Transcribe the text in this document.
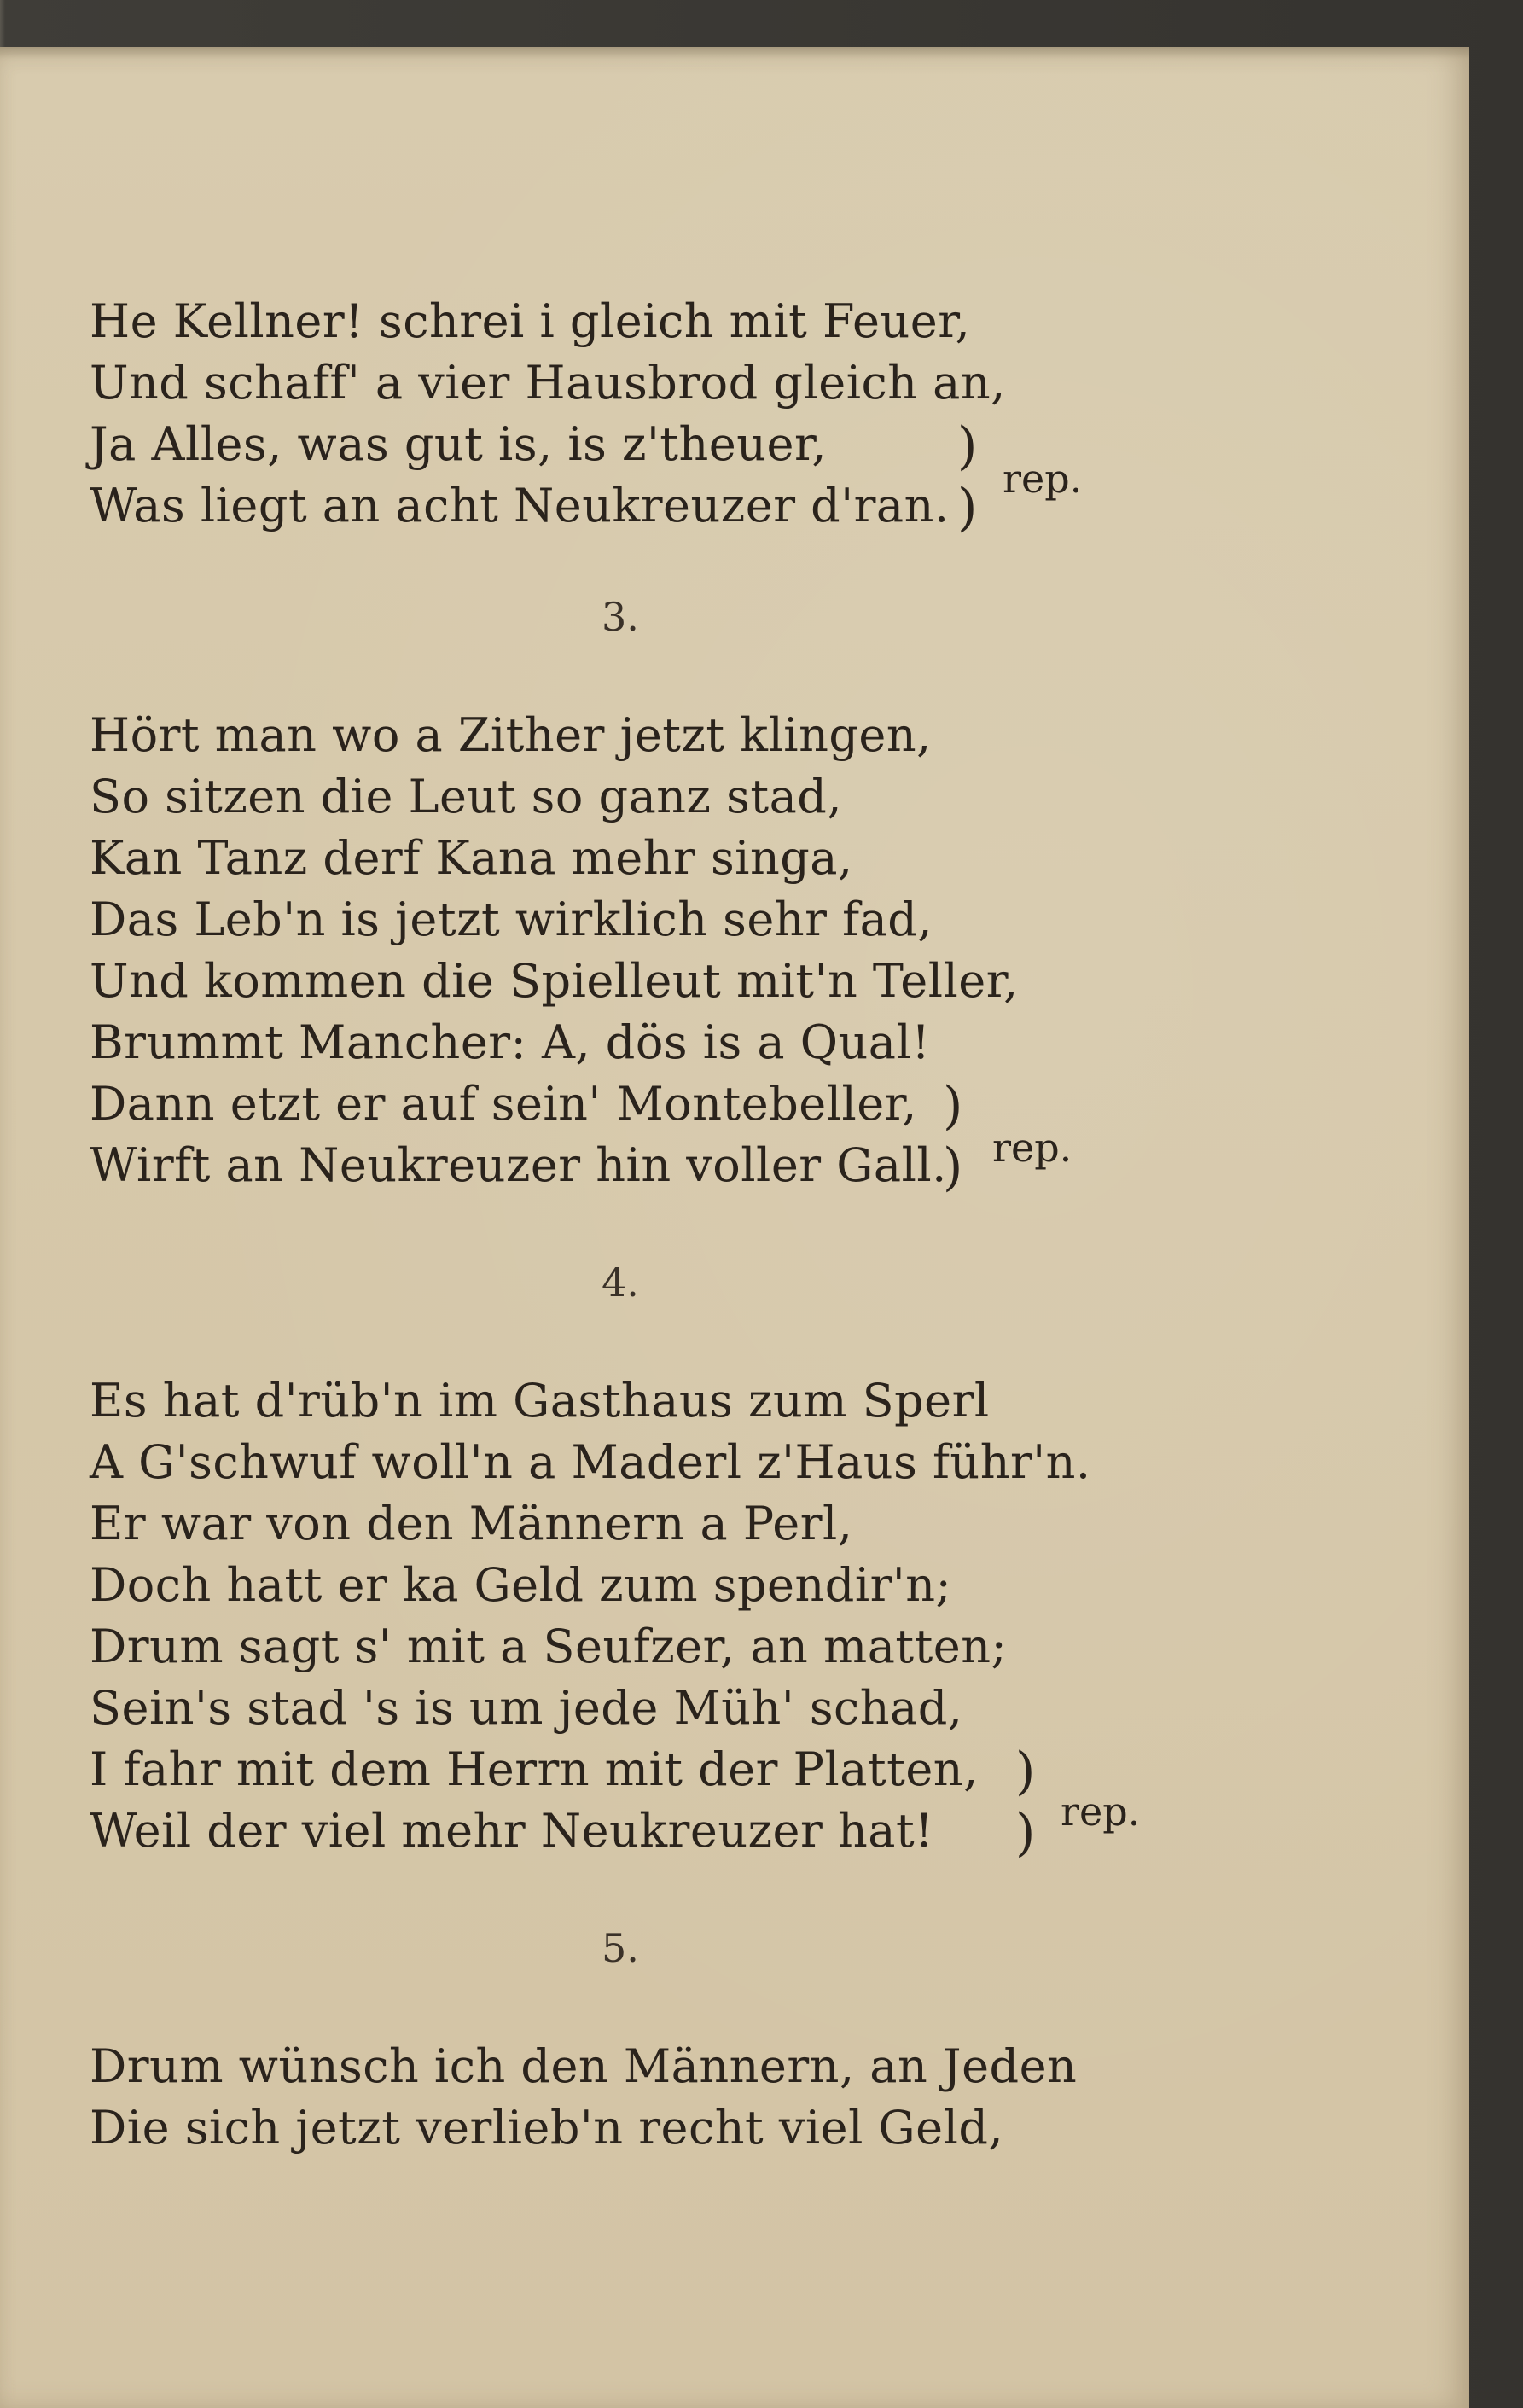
He Kellner! schrei i gleich mit Feuer,
Und schaff' a vier Hausbrod gleich an,
Ja Alles, was gut is, is z'theuer,
Was liegt an acht Neukreuzer d'ran.
)
) rep.
3.
Hört man wo a Zither jetzt klingen,
So sitzen die Leut so ganz stad,
Kan Tanz derf Kana mehr singa,
Das Leb'n is jetzt wirklich sehr fad,
Und kommen die Spielleut mit'n Teller,
Brummt Mancher: A, dös is a Qual!
Dann etzt er auf sein' Montebeller,
Wirft an Neukreuzer hin voller Gall.
)
) rep.
4.
Es hat d'rüb'n im Gasthaus zum Sperl
A G'schwuf woll'n a Maderl z'Haus führ'n.
Er war von den Männern a Perl,
Doch hatt er ka Geld zum spendir'n;
Drum sagt s' mit a Seufzer, an matten;
Sein's stad 's is um jede Müh' schad,
I fahr mit dem Herrn mit der Platten,
Weil der viel mehr Neukreuzer hat!
)
) rep.
5.
Drum wünsch ich den Männern, an Jeden
Die sich jetzt verlieb'n recht viel Geld,
